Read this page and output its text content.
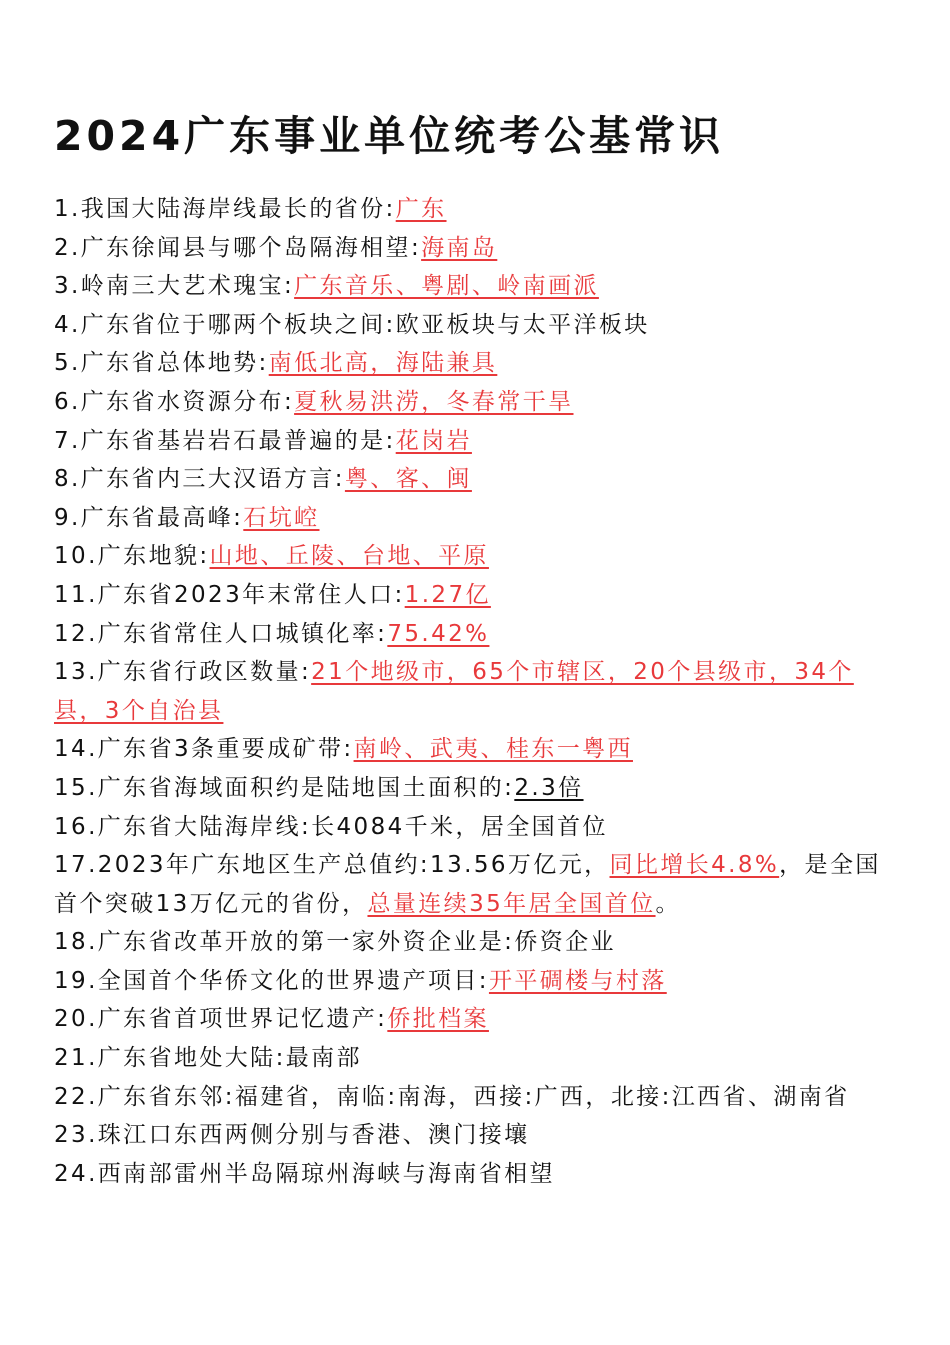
2024广东事业单位统考公基常识
1.我国大陆海岸线最长的省份:广东
2.广东徐闻县与哪个岛隔海相望:海南岛
3.岭南三大艺术瑰宝:广东音乐、粤剧、岭南画派
4.广东省位于哪两个板块之间:欧亚板块与太平洋板块
5.广东省总体地势:南低北高，海陆兼具
6.广东省水资源分布:夏秋易洪涝，冬春常干旱
7.广东省基岩岩石最普遍的是:花岗岩
8.广东省内三大汉语方言:粤、客、闽
9.广东省最高峰:石坑崆
10.广东地貌:山地、丘陵、台地、平原
11.广东省2023年末常住人口:1.27亿
12.广东省常住人口城镇化率:75.42%
13.广东省行政区数量:21个地级市，65个市辖区，20个县级市，34个县，3个自治县
14.广东省3条重要成矿带:南岭、武夷、桂东一粤西
15.广东省海域面积约是陆地国土面积的:2.3倍
16.广东省大陆海岸线:长4084千米，居全国首位
17.2023年广东地区生产总值约:13.56万亿元，同比增长4.8%，是全国首个突破13万亿元的省份，总量连续35年居全国首位。
18.广东省改革开放的第一家外资企业是:侨资企业
19.全国首个华侨文化的世界遗产项目:开平碉楼与村落
20.广东省首项世界记忆遗产:侨批档案
21.广东省地处大陆:最南部
22.广东省东邻:福建省，南临:南海，西接:广西，北接:江西省、湖南省
23.珠江口东西两侧分别与香港、澳门接壤
24.西南部雷州半岛隔琼州海峡与海南省相望
